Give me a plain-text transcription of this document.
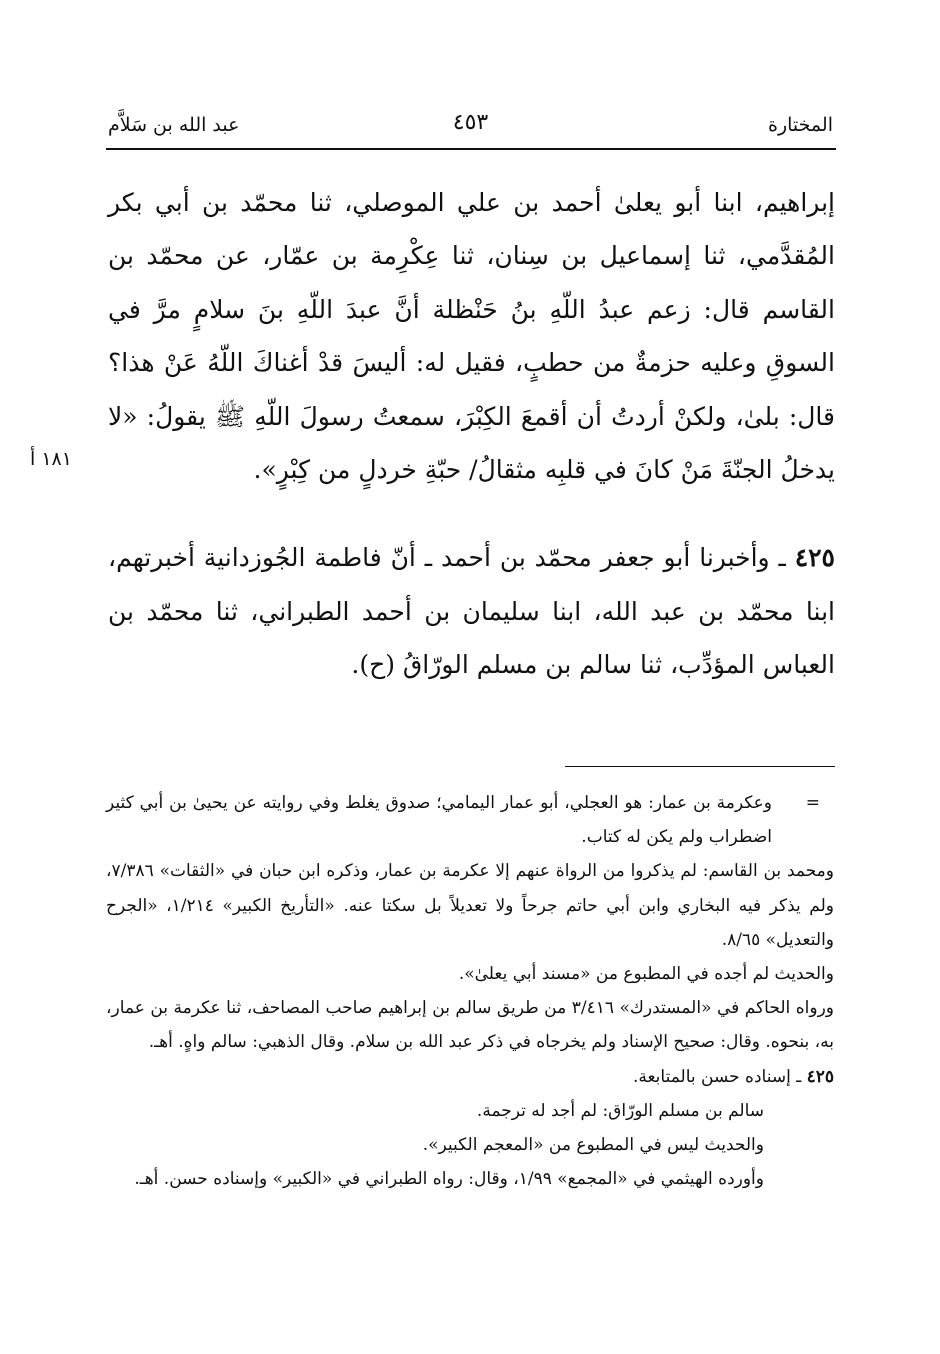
المختارة
٤٥٣
عبد الله بن سَلاَّم

إبراهيم، ابنا أبو يعلىٰ أحمد بن علي الموصلي، ثنا محمّد بن أبي بكر المُقدَّمي، ثنا إسماعيل بن سِنان، ثنا عِكْرِمة بن عمّار، عن محمّد بن القاسم قال: زعم عبدُ اللّهِ بنُ حَنْظلة أنَّ عبدَ اللّهِ بنَ سلامٍ مرَّ في السوقِ وعليه حزمةٌ من حطبٍ، فقيل له: أليسَ قدْ أغناكَ اللّهُ عَنْ هذا؟ قال: بلىٰ، ولكنْ أردتُ أن أقمعَ الكِبْرَ، سمعتُ رسولَ اللّهِ ﷺ يقولُ: «لا يدخلُ الجنّةَ مَنْ كانَ في قلبِه مثقالُ/ حبّةِ خردلٍ من كِبْرٍ».

٤٢٥ ـ وأخبرنا أبو جعفر محمّد بن أحمد ـ أنّ فاطمة الجُوزدانية أخبرتهم، ابنا محمّد بن عبد الله، ابنا سليمان بن أحمد الطبراني، ثنا محمّد بن العباس المؤدِّب، ثنا سالم بن مسلم الورّاقُ (ح).

١٨١ أ

=
وعكرمة بن عمار: هو العجلي، أبو عمار اليمامي؛ صدوق يغلط وفي روايته عن يحيىٰ بن أبي كثير اضطراب ولم يكن له كتاب.

ومحمد بن القاسم: لم يذكروا من الرواة عنهم إلا عكرمة بن عمار، وذكره ابن حبان في «الثقات» ٧/٣٨٦، ولم يذكر فيه البخاري وابن أبي حاتم جرحاً ولا تعديلاً بل سكتا عنه. «التأريخ الكبير» ١/٢١٤، «الجرح والتعديل» ٨/٦٥.

والحديث لم أجده في المطبوع من «مسند أبي يعلىٰ».

ورواه الحاكم في «المستدرك» ٣/٤١٦ من طريق سالم بن إبراهيم صاحب المصاحف، ثنا عكرمة بن عمار، به، بنحوه. وقال: صحيح الإسناد ولم يخرجاه في ذكر عبد الله بن سلام. وقال الذهبي: سالم واهٍ. أهـ.

٤٢٥ ـ إسناده حسن بالمتابعة.

سالم بن مسلم الورّاق: لم أجد له ترجمة.

والحديث ليس في المطبوع من «المعجم الكبير».

وأورده الهيثمي في «المجمع» ١/٩٩، وقال: رواه الطبراني في «الكبير» وإسناده حسن. أهـ.
